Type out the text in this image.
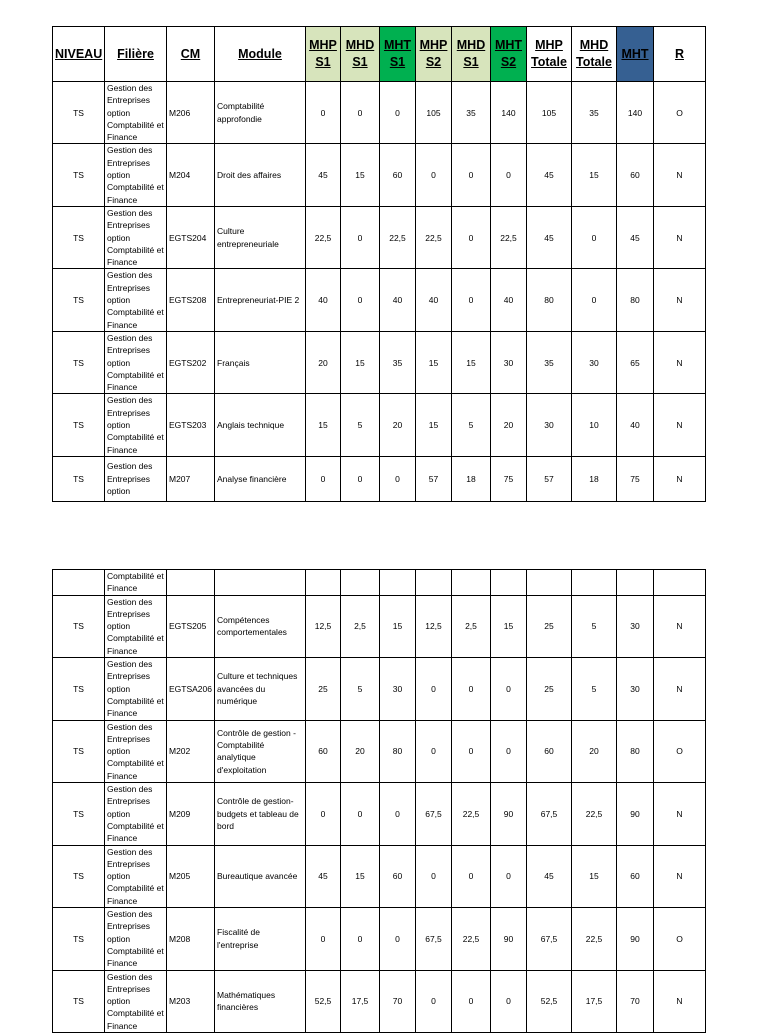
NIVEAU	Filière	CM	Module	MHP S1	MHD S1	MHT S1	MHP S2	MHD S1	MHT S2	MHP Totale	MHD Totale	MHT	R
TS	Gestion des Entreprises option Comptabilité et Finance	M206	Comptabilité approfondie	0	0	0	105	35	140	105	35	140	O
TS	Gestion des Entreprises option Comptabilité et Finance	M204	Droit des affaires	45	15	60	0	0	0	45	15	60	N
TS	Gestion des Entreprises option Comptabilité et Finance	EGTS204	Culture entrepreneuriale	22,5	0	22,5	22,5	0	22,5	45	0	45	N
TS	Gestion des Entreprises option Comptabilité et Finance	EGTS208	Entrepreneuriat-PIE 2	40	0	40	40	0	40	80	0	80	N
TS	Gestion des Entreprises option Comptabilité et Finance	EGTS202	Français	20	15	35	15	15	30	35	30	65	N
TS	Gestion des Entreprises option Comptabilité et Finance	EGTS203	Anglais technique	15	5	20	15	5	20	30	10	40	N
TS	Gestion des Entreprises option	M207	Analyse financière	0	0	0	57	18	75	57	18	75	N
	Comptabilité et Finance												
TS	Gestion des Entreprises option Comptabilité et Finance	EGTS205	Compétences comportementales	12,5	2,5	15	12,5	2,5	15	25	5	30	N
TS	Gestion des Entreprises option Comptabilité et Finance	EGTSA206	Culture et techniques avancées du numérique	25	5	30	0	0	0	25	5	30	N
TS	Gestion des Entreprises option Comptabilité et Finance	M202	Contrôle de gestion - Comptabilité analytique d'exploitation	60	20	80	0	0	0	60	20	80	O
TS	Gestion des Entreprises option Comptabilité et Finance	M209	Contrôle de gestion-budgets et tableau de bord	0	0	0	67,5	22,5	90	67,5	22,5	90	N
TS	Gestion des Entreprises option Comptabilité et Finance	M205	Bureautique avancée	45	15	60	0	0	0	45	15	60	N
TS	Gestion des Entreprises option Comptabilité et Finance	M208	Fiscalité de l'entreprise	0	0	0	67,5	22,5	90	67,5	22,5	90	O
TS	Gestion des Entreprises option Comptabilité et Finance	M203	Mathématiques financières	52,5	17,5	70	0	0	0	52,5	17,5	70	N
